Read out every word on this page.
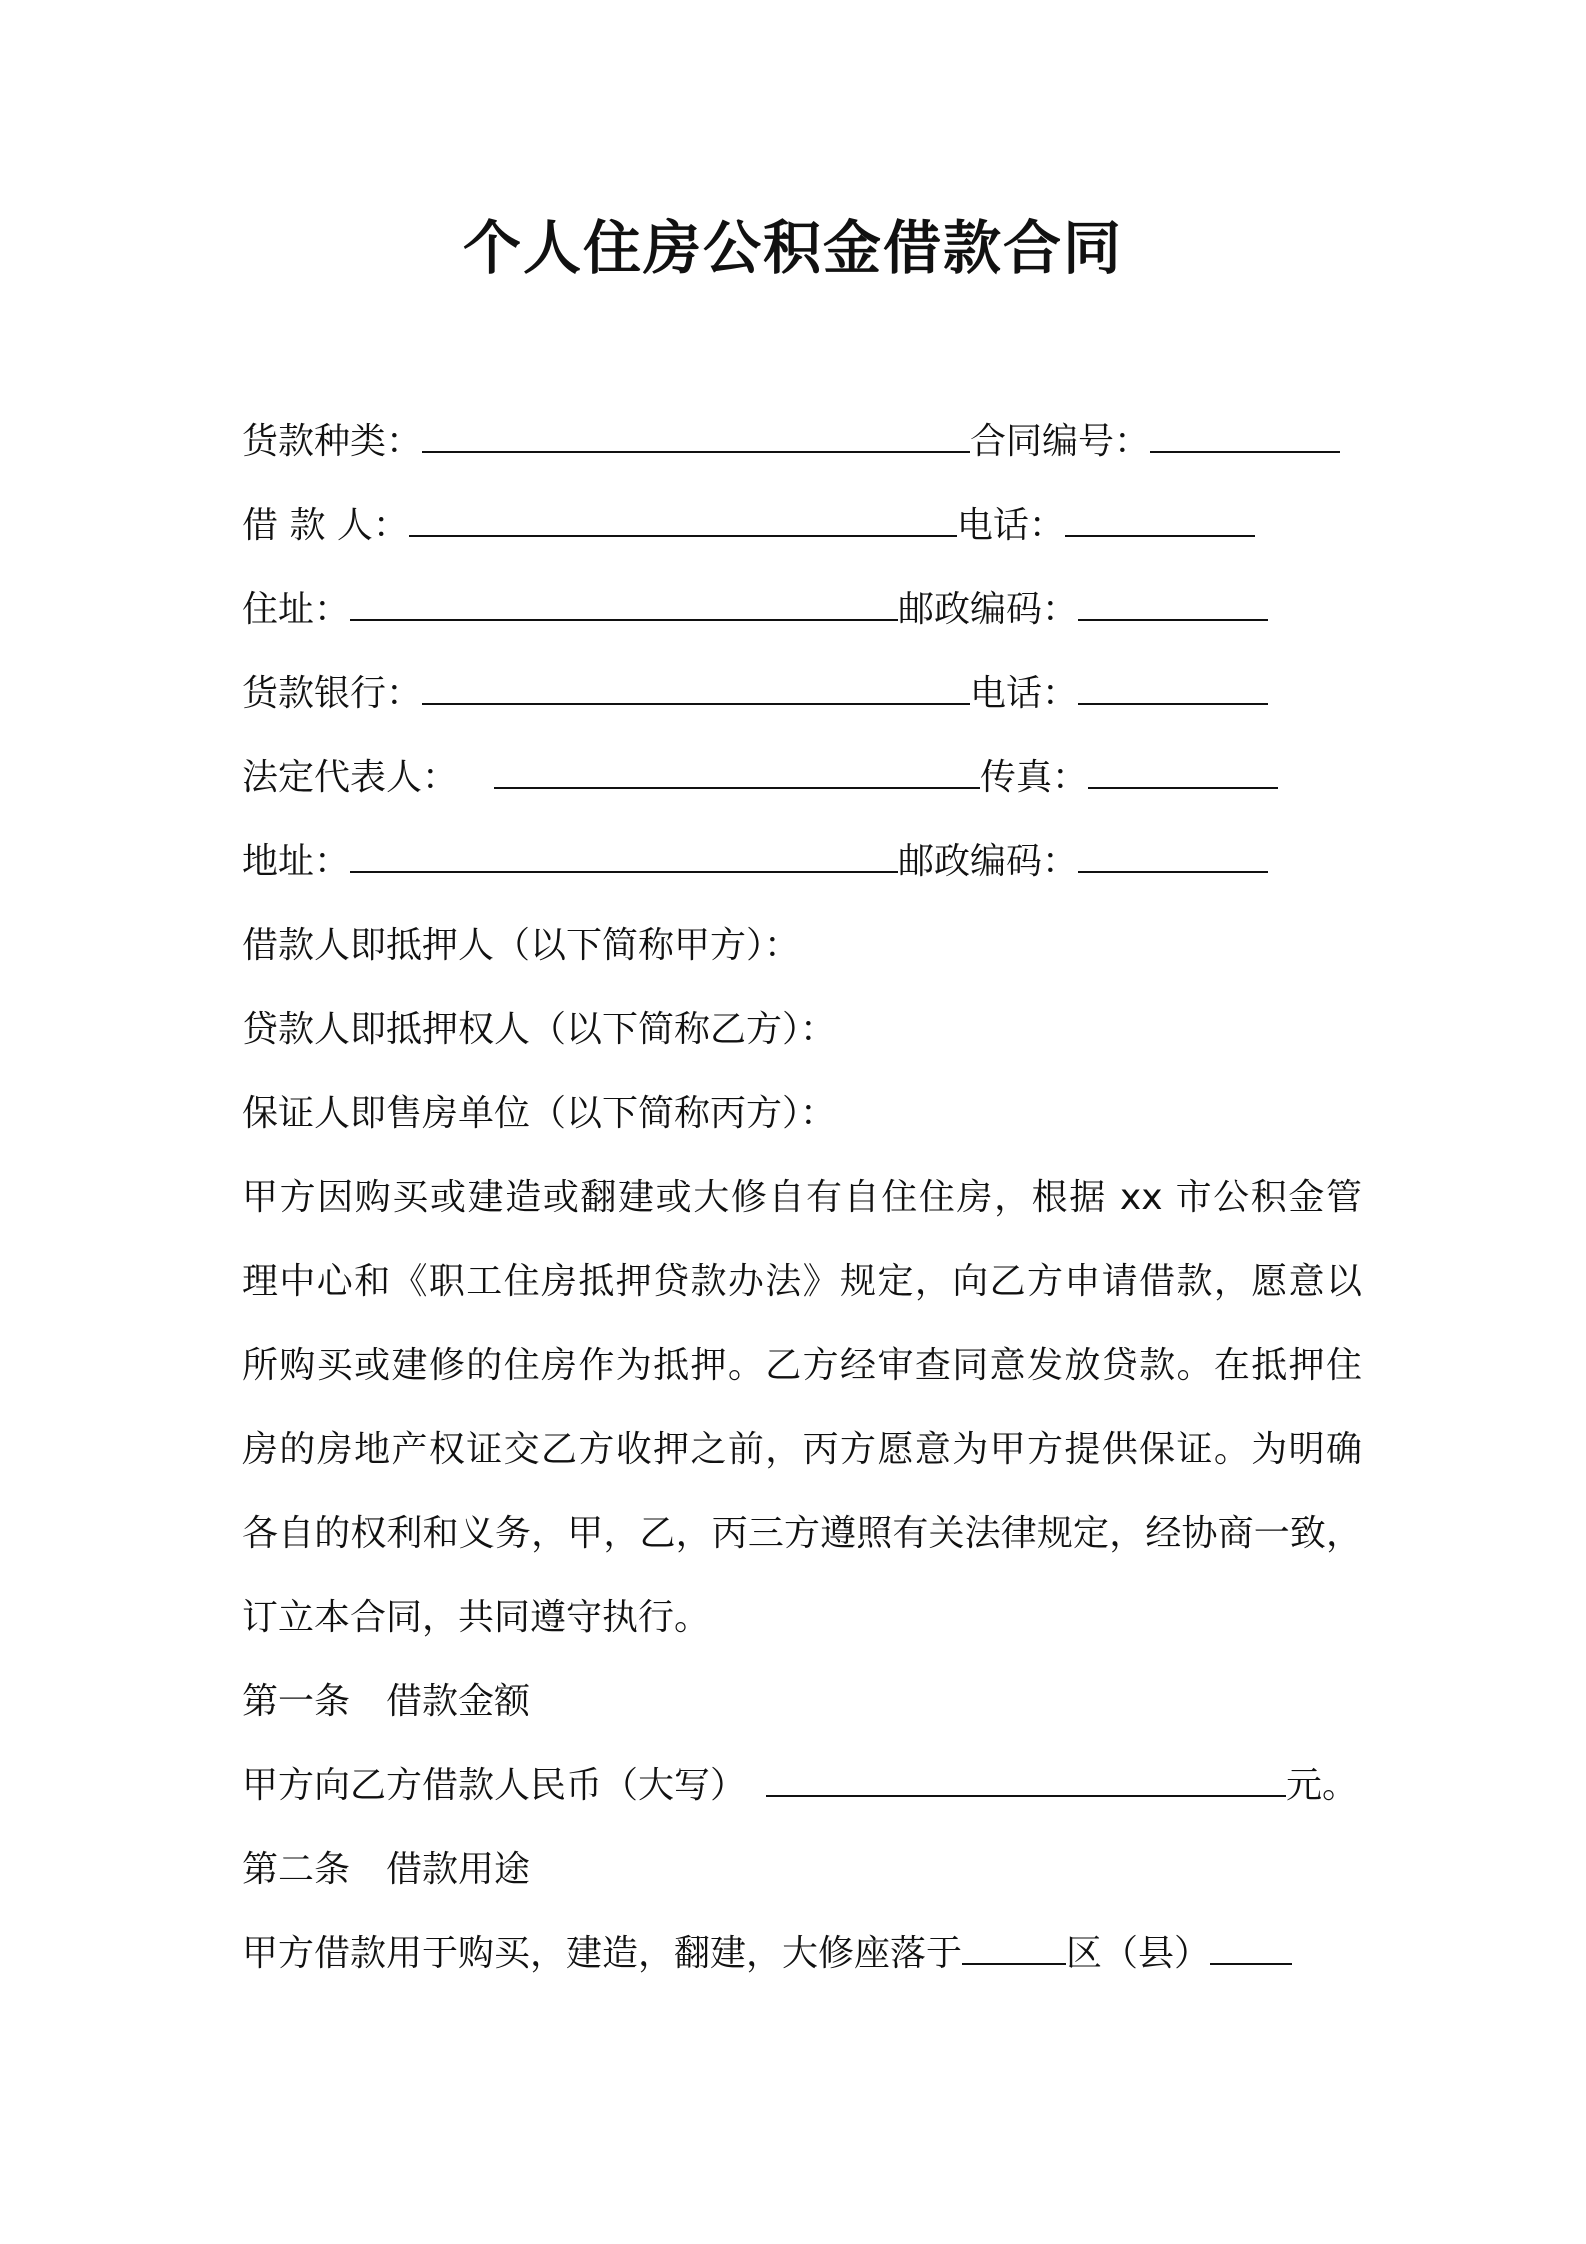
个人住房公积金借款合同
货款种类：	合同编号：
借 款 人：	电话：
住址：	邮政编码：
货款银行：	电话：
法定代表人：	传真：
地址：	邮政编码：
借款人即抵押人（以下简称甲方）：
贷款人即抵押权人（以下简称乙方）：
保证人即售房单位（以下简称丙方）：
甲方因购买或建造或翻建或大修自有自住住房，根据 xx 市公积金管
理中心和《职工住房抵押贷款办法》规定，向乙方申请借款，愿意以
所购买或建修的住房作为抵押。乙方经审查同意发放贷款。在抵押住
房的房地产权证交乙方收押之前，丙方愿意为甲方提供保证。为明确
各自的权利和义务，甲，乙，丙三方遵照有关法律规定，经协商一致，
订立本合同，共同遵守执行。
第一条　借款金额
甲方向乙方借款人民币（大写）	元。
第二条　借款用途
甲方借款用于购买，建造，翻建，大修座落于	区（县）
